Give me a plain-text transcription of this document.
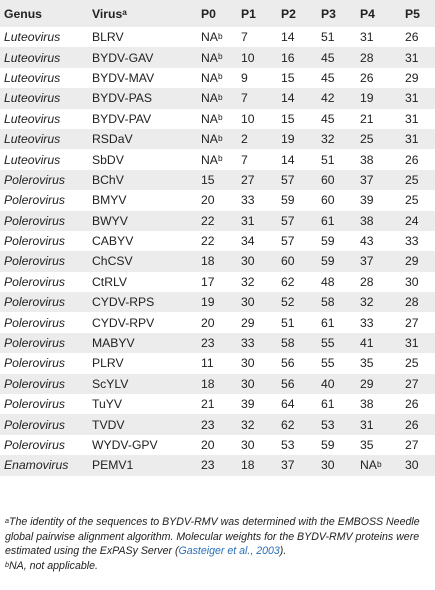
Genus	Virus$^a$	P0	P1	P2	P3	P4	P5
Luteovirus	BLRV	$NA^b$	7	14	51	31	26
Luteovirus	BYDV-GAV	$NA^b$	10	16	45	28	31
Luteovirus	BYDV-MAV	$NA^b$	9	15	45	26	29
Luteovirus	BYDV-PAS	$NA^b$	7	14	42	19	31
Luteovirus	BYDV-PAV	$NA^b$	10	15	45	21	31
Luteovirus	RSDaV	$NA^b$	2	19	32	25	31
Luteovirus	SbDV	$NA^b$	7	14	51	38	26
Polerovirus	BChV	15	27	57	60	37	25
Polerovirus	BMYV	20	33	59	60	39	25
Polerovirus	BWYV	22	31	57	61	38	24
Polerovirus	CABYV	22	34	57	59	43	33
Polerovirus	ChCSV	18	30	60	59	37	29
Polerovirus	CtRLV	17	32	62	48	28	30
Polerovirus	CYDV-RPS	19	30	52	58	32	28
Polerovirus	CYDV-RPV	20	29	51	61	33	27
Polerovirus	MABYV	23	33	58	55	41	31
Polerovirus	PLRV	11	30	56	55	35	25
Polerovirus	ScYLV	18	30	56	40	29	27
Polerovirus	TuYV	21	39	64	61	38	26
Polerovirus	TVDV	23	32	62	53	31	26
Polerovirus	WYDV-GPV	20	30	53	59	35	27
Enamovirus	PEMV1	23	18	37	30	$NA^b$	30

$^a$The identity of the sequences to BYDV-RMV was determined with the EMBOSS Needle global pairwise alignment algorithm. Molecular weights for the BYDV-RMV proteins were estimated using the ExPASy Server (Gasteiger et al., 2003).

$^b$NA, not applicable.
